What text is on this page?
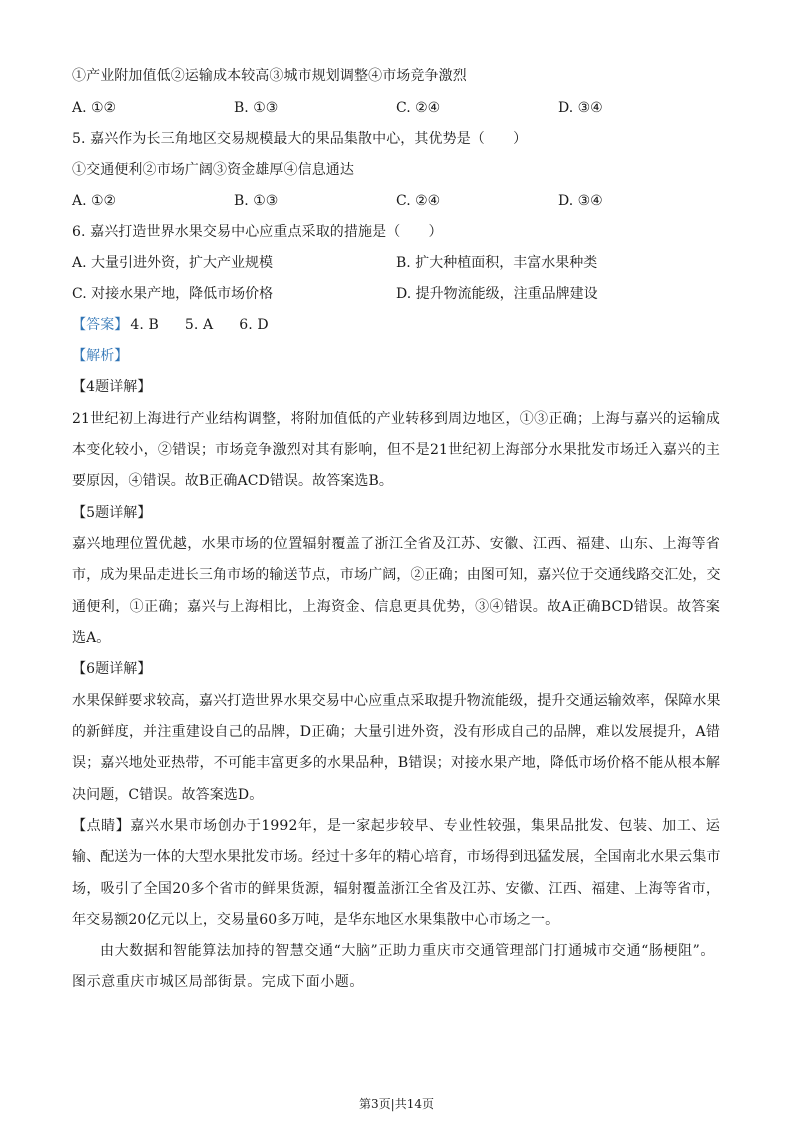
①产业附加值低②运输成本较高③城市规划调整④市场竞争激烈
A. ①②	B. ①③	C. ②④	D. ③④
5. 嘉兴作为长三角地区交易规模最大的果品集散中心，其优势是（　　）
①交通便利②市场广阔③资金雄厚④信息通达
A. ①②	B. ①③	C. ②④	D. ③④
6. 嘉兴打造世界水果交易中心应重点采取的措施是（　　）
A. 大量引进外资，扩大产业规模	B. 扩大种植面积，丰富水果种类
C. 对接水果产地，降低市场价格	D. 提升物流能级，注重品牌建设
【答案】 4. B 5. A 6. D
【解析】
【4题详解】
21世纪初上海进行产业结构调整，将附加值低的产业转移到周边地区，①③正确；上海与嘉兴的运输成
本变化较小，②错误；市场竞争激烈对其有影响，但不是21世纪初上海部分水果批发市场迁入嘉兴的主
要原因，④错误。故B正确ACD错误。故答案选B。
【5题详解】
嘉兴地理位置优越，水果市场的位置辐射覆盖了浙江全省及江苏、安徽、江西、福建、山东、上海等省
市，成为果品走进长三角市场的输送节点，市场广阔，②正确；由图可知，嘉兴位于交通线路交汇处，交
通便利，①正确；嘉兴与上海相比，上海资金、信息更具优势，③④错误。故A正确BCD错误。故答案
选A。
【6题详解】
水果保鲜要求较高，嘉兴打造世界水果交易中心应重点采取提升物流能级，提升交通运输效率，保障水果
的新鲜度，并注重建设自己的品牌，D正确；大量引进外资，没有形成自己的品牌，难以发展提升，A错
误；嘉兴地处亚热带，不可能丰富更多的水果品种，B错误；对接水果产地，降低市场价格不能从根本解
决问题，C错误。故答案选D。
【点睛】嘉兴水果市场创办于1992年，是一家起步较早、专业性较强，集果品批发、包装、加工、运
输、配送为一体的大型水果批发市场。经过十多年的精心培育，市场得到迅猛发展，全国南北水果云集市
场，吸引了全国20多个省市的鲜果货源，辐射覆盖浙江全省及江苏、安徽、江西、福建、上海等省市，
年交易额20亿元以上，交易量60多万吨，是华东地区水果集散中心市场之一。
由大数据和智能算法加持的智慧交通“大脑”正助力重庆市交通管理部门打通城市交通“肠梗阻”。
图示意重庆市城区局部街景。完成下面小题。
第3页|共14页
